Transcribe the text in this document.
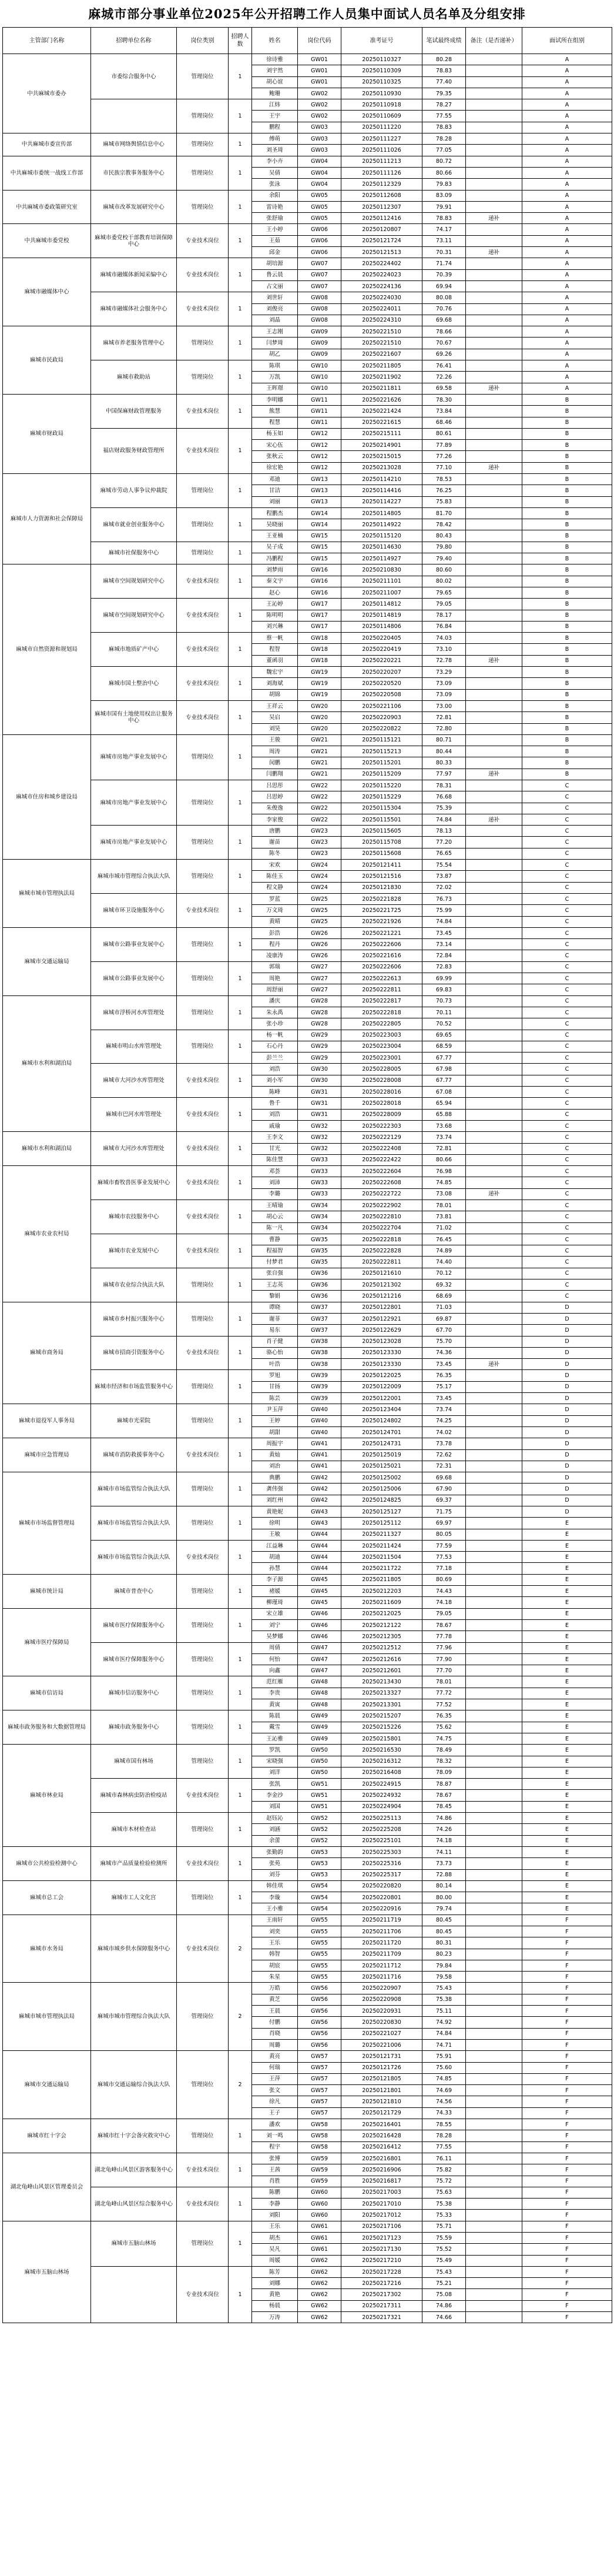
麻城市部分事业单位2025年公开招聘工作人员集中面试人员名单及分组安排
主管部门名称	招聘单位名称	岗位类别	招聘人数	姓名	岗位代码	准考证号	笔试最终成绩	备注（是否递补）	面试所在组别
中共麻城市委办	市委综合服务中心	管理岗位	1	徐诗雅	GW01	20250110327	80.28		A
				刘宇然	GW01	20250110309	78.83		A
				胡心谊	GW01	20250110325	77.40		A
				鲍珊	GW02	20250110930	79.35		A
		管理岗位	1	江炜	GW02	20250110918	78.27		A
				王宇	GW02	20250110609	77.55		A
				鹏程	GW03	20250111220	78.83		A
中共麻城市委宣传部	麻城市网络舆情信息中心	管理岗位	1	傅萌	GW03	20250111227	78.28		A
				刘圣琦	GW03	20250111026	77.05		A
中共麻城市委统一战线工作部	市民族宗教事务服务中心	管理岗位	1	李小卉	GW04	20250111213	80.72		A
				吴倩	GW04	20250111126	80.66		A
				张泳	GW04	20250112329	79.83		A
中共麻城市委政策研究室	麻城市改革发展研究中心	管理岗位	1	余阳	GW05	20250112608	83.09		A
				雷诗艳	GW05	20250112307	79.91		A
				张舒瑜	GW05	20250112416	78.83	递补	A
中共麻城市委党校	麻城市委党校干部教育培训保障中心	专业技术岗位	1	王小婷	GW06	20250120807	74.17		A
				王茹	GW06	20250121724	73.11		A
				邱金	GW06	20250121513	70.31	递补	A
麻城市融媒体中心	麻城市融媒体新闻采编中心	专业技术岗位	1	胡培源	GW07	20250224402	71.74		A
				鲁云晨	GW07	20250224023	70.39		A
				占文丽	GW07	20250224136	69.94		A
	麻城市融媒体社会服务中心	专业技术岗位	1	刘世轩	GW08	20250224030	80.08		A
				刘俊亮	GW08	20250224011	70.76		A
				刘晶	GW08	20250224310	69.68		A
麻城市民政局	麻城市养老服务管理中心	管理岗位	1	王志刚	GW09	20250221510	78.66		A
				闫梦琦	GW09	20250221510	70.67		A
				胡乙	GW09	20250221607	69.26		A
	麻城市救助站	管理岗位	1	陈琪	GW10	20250211805	76.41		A
				万凯	GW10	20250211902	72.26		A
				王晖璟	GW10	20250211811	69.58	递补	A
麻城市财政局	中国保麻财政管理服务	专业技术岗位	1	李明娜	GW11	20250221626	78.30		B
				熊慧	GW11	20250221424	73.84		B
				程慧	GW11	20250221615	68.46		B
	福店财政服务财政管理所	专业技术岗位	1	杨玉如	GW12	20250215111	80.61		B
				宋心伍	GW12	20250214901	77.89		B
				张秋云	GW12	20250215015	77.26		B
				徐宏艳	GW12	20250213028	77.10	递补	B
麻城市人力资源和社会保障局	麻城市劳动人事争议仲裁院	管理岗位	1	邓迪	GW13	20250114210	78.53		B
				甘洁	GW13	20250114416	76.25		B
				刘丽	GW13	20250114227	75.83		B
	麻城市就业创业服务中心	管理岗位	1	程鹏杰	GW14	20250114805	81.70		B
				吴晓丽	GW14	20250114922	78.42		B
				王亚楠	GW15	20250115120	80.43		B
	麻城市社保服务中心	管理岗位	1	吴子成	GW15	20250114630	79.80		B
				冯鹏程	GW15	20250114927	79.40		B
麻城市自然资源和规划局	麻城市空间规划研究中心	专业技术岗位	1	刘梦雨	GW16	20250210830	80.60		B
				秦文宇	GW16	20250211101	80.02		B
				赵心	GW16	20250211007	79.65		B
	麻城市空间规划研究中心	专业技术岗位	1	王沁婷	GW17	20250114812	79.05		B
				陈明明	GW17	20250114819	78.17		B
				刘兴琳	GW17	20250114806	76.84		B
	麻城市地质矿产中心	专业技术岗位	1	蔡一帆	GW18	20250220405	74.03		B
				程智	GW18	20250220419	73.10		B
				董函羽	GW18	20250220221	72.78	递补	B
	麻城市国土整治中心	专业技术岗位	1	魏宏宇	GW19	20250220207	73.29		B
				刘海斌	GW19	20250220520	73.09		B
				胡锦	GW19	20250220508	73.09		B
	麻城市国有土地使用权出让服务中心	专业技术岗位	1	王祥云	GW20	20250221106	73.00		B
				吴启	GW20	20250220903	72.81		B
				刘昊	GW20	20250220822	72.80		B
麻城市住房和城乡建设局	麻城市房地产事业发展中心	管理岗位	1	王骏	GW21	20250115121	80.71		B
				周涛	GW21	20250115213	80.44		B
				闵鹏	GW21	20250115201	80.33		B
				闫鹏翔	GW21	20250115209	77.97	递补	B
	麻城市房地产事业发展中心	管理岗位	1	吕思彤	GW22	20250115220	78.31		C
				吕思婷	GW22	20250115229	76.68		C
				朱俊逸	GW22	20250115304	75.39		C
				李家俊	GW22	20250115501	74.84	递补	C
	麻城市房地产事业发展中心	管理岗位	1	唐鹏	GW23	20250115605	78.13		C
				谢苗	GW23	20250115708	77.20		C
				陈冬	GW23	20250115608	76.65		C
麻城市城市管理执法局	麻城市城市管理综合执法大队	管理岗位	1	宋欢	GW24	20250121411	75.54		C
				陈佳玉	GW24	20250121516	73.87		C
				程文静	GW24	20250121830	72.02		C
	麻城市环卫设施服务中心	专业技术岗位	1	罗蓝	GW25	20250221828	76.73		C
				万文琦	GW25	20250221725	75.99		C
				黄晴	GW25	20250221926	74.84		C
麻城市交通运输局	麻城市公路事业发展中心	管理岗位	1	彭浩	GW26	20250221221	73.45		C
				程丹	GW26	20250222606	73.14		C
				凌康涛	GW26	20250221616	72.84		C
	麻城市公路事业发展中心	管理岗位	1	郭瑞	GW27	20250222606	72.83		C
				周艳	GW27	20250222613	69.99		C
				周舒丽	GW27	20250222811	69.83		C
麻城市水利和湖泊局	麻城市浮桥河水库管理处	管理岗位	1	潘庆	GW28	20250222817	70.73		C
				朱永禹	GW28	20250222818	70.11		C
				张小珍	GW28	20250222805	70.52		C
	麻城市明山水库管理处	管理岗位	1	杨一帆	GW29	20250223003	69.65		C
				石心丹	GW29	20250223004	68.59		C
				彭兰兰	GW29	20250223001	67.77		C
	麻城市大河沙水库管理处	专业技术岗位	1	刘浩	GW30	20250228005	67.98		C
				刘小军	GW30	20250228008	67.77		C
				陈峰	GW31	20250228016	67.08		C
	麻城市巴河水库管理处	专业技术岗位	1	鲁千	GW31	20250228018	65.94		C
				刘浩	GW31	20250228009	65.88		C
				戚瑜	GW32	20250222303	73.68		C
麻城市水利和湖泊局	麻城市大河沙水库管理处	专业技术岗位	1	王李文	GW32	20250222129	73.74		C
				甘光	GW32	20250222408	72.81		C
				陈佳慧	GW33	20250222422	80.66		C
麻城市农业农村局	麻城市畜牧兽医事业发展中心	专业技术岗位	1	邓荟	GW33	20250222604	76.98		C
				刘沛	GW33	20250222608	74.85		C
				李璐	GW33	20250222722	73.08	递补	C
	麻城市农技服务中心	专业技术岗位	1	王晴瑜	GW34	20250222902	78.01		C
				胡心云	GW34	20250222810	73.81		C
				陈一凡	GW34	20250222704	71.02		C
	麻城市农业发展中心	专业技术岗位	1	曹静	GW35	20250222818	76.45		C
				程福智	GW35	20250222828	74.89		C
				付梦君	GW35	20250222811	74.40		C
	麻城市农业综合执法大队	管理岗位	1	张自强	GW36	20250121610	70.12		C
				王志英	GW36	20250121302	69.32		C
				黎娟	GW36	20250121216	68.69		C
麻城市商务局	麻城市乡村振兴服务中心	管理岗位	1	谭晓	GW37	20250122801	71.03		D
				谢菲	GW37	20250122921	69.87		D
				易东	GW37	20250122629	67.70		D
	麻城市招商引资服务中心	专业技术岗位	1	肖子健	GW38	20250123028	75.70		D
				骆心怡	GW38	20250123330	74.36		D
				叶浩	GW38	20250123330	73.45	递补	D
	麻城市经济和市场监管服务中心	管理岗位	1	罗旭	GW39	20250122025	76.35		D
				甘扬	GW39	20250122009	75.17		D
				陈芸	GW39	20250122001	73.45		D
麻城市退役军人事务局	麻城市光荣院	管理岗位	1	尹玉萍	GW40	20250123404	73.74		D
				王婷	GW40	20250124802	74.25		D
				胡甜	GW40	20250124701	74.02		D
麻城市应急管理局	麻城市消防救援事务中心	专业技术岗位	1	周振宇	GW41	20250124731	73.78		D
				黄灿	GW41	20250125019	72.62		D
				刘治	GW41	20250125021	72.31		D
麻城市市场监督管理局	麻城市市场监管综合执法大队	管理岗位	1	典鹏	GW42	20250125002	69.68		D
				龚伟强	GW42	20250125006	67.90		D
				刘红州	GW42	20250124825	69.37		D
	麻城市市场监管综合执法大队	管理岗位	1	黄艳妮	GW43	20250125127	71.75		D
				徐明	GW43	20250125112	69.97		E
				王敏	GW44	20250211327	80.05		E
	麻城市市场监管综合执法大队	专业技术岗位	1	江益琳	GW44	20250211424	77.59		E
				胡迪	GW44	20250211504	77.53		E
				孙慧	GW44	20250211722	77.18		E
麻城市统计局	麻城市普查中心	管理岗位	1	李子源	GW45	20250211805	80.69		E
				褚媛	GW45	20250212203	74.43		E
				柳瑾琦	GW45	20250211609	74.18		E
麻城市医疗保障局	麻城市医疗保障服务中心	管理岗位	1	宋立雄	GW46	20250212025	79.05		E
				刘宁	GW46	20250212122	78.67		E
				吴梦娜	GW46	20250212305	77.78		E
	麻城市医疗保障服务中心	管理岗位	1	周倩	GW47	20250212512	77.96		E
				何怡	GW47	20250212616	77.90		E
				向鑫	GW47	20250212601	77.70		E
麻城市信访局	麻城市信访服务中心	管理岗位	1	范红雁	GW48	20250213430	78.01		E
				李贵	GW48	20250213327	77.72		E
				黄寅	GW48	20250213301	77.52		E
麻城市政务服务和大数据管理局	麻城市政务服务中心	管理岗位	1	陈晨	GW49	20250215207	76.35		E
				戴雪	GW49	20250215226	75.62		E
				王沁雅	GW49	20250215801	74.75		E
麻城市林业局	麻城市国有林场	管理岗位	1	罗凯	GW50	20250216530	78.49		E
				宋晓强	GW50	20250216312	78.32		E
				刘洋	GW50	20250216408	78.09		E
	麻城市森林病虫防治检疫站	专业技术岗位	1	张凯	GW51	20250224915	78.87		E
				李金沙	GW51	20250224932	78.67		E
				刘国	GW51	20250224904	78.45		E
	麻城市木材检查站	管理岗位	1	赵钰沁	GW52	20250225113	74.86		E
				刘涵	GW52	20250225208	74.26		E
				余蕾	GW52	20250225101	74.18		E
麻城市公共检验检测中心	麻城市产品质量检验检测所	专业技术岗位	1	张勤韵	GW53	20250225303	74.11		E
				张苑	GW53	20250225316	73.73		E
				刘芬	GW53	20250225317	72.88		E
麻城市总工会	麻城市工人文化宫	管理岗位	1	韩佳琪	GW54	20250220820	80.14		E
				李璇	GW54	20250220801	80.00		E
				王小雅	GW54	20250220916	79.74		E
麻城市水务局	麻城市城乡供水保障服务中心	专业技术岗位	2	王雨轩	GW55	20250211719	80.45		F
				刘奕	GW55	20250211706	80.45		F
				王乐	GW55	20250211720	80.31		F
				韩智	GW55	20250211709	80.23		F
				胡宸	GW55	20250211712	79.84		F
				朱星	GW55	20250211716	79.58		F
麻城市城市管理执法局	麻城市城市管理综合执法大队	管理岗位	2	万皓	GW56	20250220907	75.43		F
				黄芝	GW56	20250220908	75.38		F
				王晨	GW56	20250220931	75.11		F
				付鹏	GW56	20250220830	74.92		F
				肖晓	GW56	20250221027	74.84		F
				周璐	GW56	20250221006	74.71		F
麻城市交通运输局	麻城市交通运输综合执法大队	管理岗位	2	黄亮	GW57	20250121731	75.91		F
				何瑞	GW57	20250121726	75.60		F
				王萍	GW57	20250121805	74.85		F
				张文	GW57	20250121801	74.69		F
				徐凡	GW57	20250121810	74.56		F
				王子	GW57	20250121729	74.33		F
麻城市红十字会	麻城市红十字会备灾救灾中心	管理岗位	1	潘欢	GW58	20250216401	78.55		F
				刘一鸣	GW58	20250216428	78.28		F
				程宇	GW58	20250216412	77.55		F
湖北龟峰山风景区管理委员会	湖北龟峰山风景区游客服务中心	专业技术岗位	1	张博	GW59	20250216801	76.11		F
				王茜	GW59	20250216906	75.82		F
				肖胜	GW59	20250216817	75.72		F
	湖北龟峰山风景区综合服务中心	专业技术岗位	1	陈鹏	GW60	20250217003	75.63		F
				李静	GW60	20250217010	75.38		F
				刘阳	GW60	20250217012	75.33		F
麻城市五脑山林场	麻城市五脑山林场	管理岗位	1	王乐	GW61	20250217106	75.71		F
				胡杰	GW61	20250217123	75.59		F
				吴凡	GW61	20250217130	75.52		F
				周媛	GW62	20250217210	75.49		F
		专业技术岗位	1	陈芳	GW62	20250217228	75.43		F
				刘娜	GW62	20250217216	75.21		F
				黄艳	GW62	20250217302	75.08		F
				杨晨	GW62	20250217311	74.86		F
				万涛	GW62	20250217321	74.66		F
